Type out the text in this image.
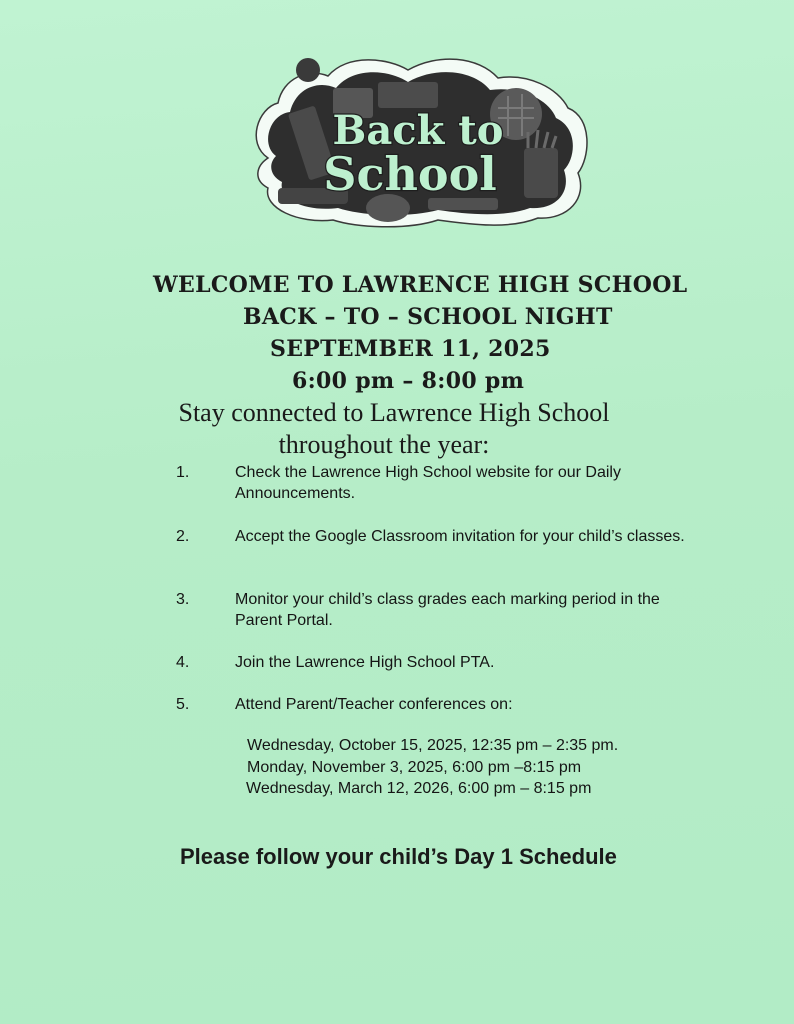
Back to
School
WELCOME TO LAWRENCE HIGH SCHOOL
BACK – TO – SCHOOL NIGHT
SEPTEMBER 11, 2025
6:00 pm – 8:00 pm
Stay connected to Lawrence High School
throughout the year:
1.	Check the Lawrence High School website for our Daily Announcements.
2.	Accept the Google Classroom invitation for your child’s classes.
3.	Monitor your child’s class grades each marking period in the Parent Portal.
4.	Join the Lawrence High School PTA.
5.	Attend Parent/Teacher conferences on:
Wednesday, October 15, 2025, 12:35 pm – 2:35 pm.
Monday, November 3, 2025, 6:00 pm –8:15 pm
Wednesday, March 12, 2026, 6:00 pm – 8:15 pm
Please follow your child’s Day 1 Schedule
